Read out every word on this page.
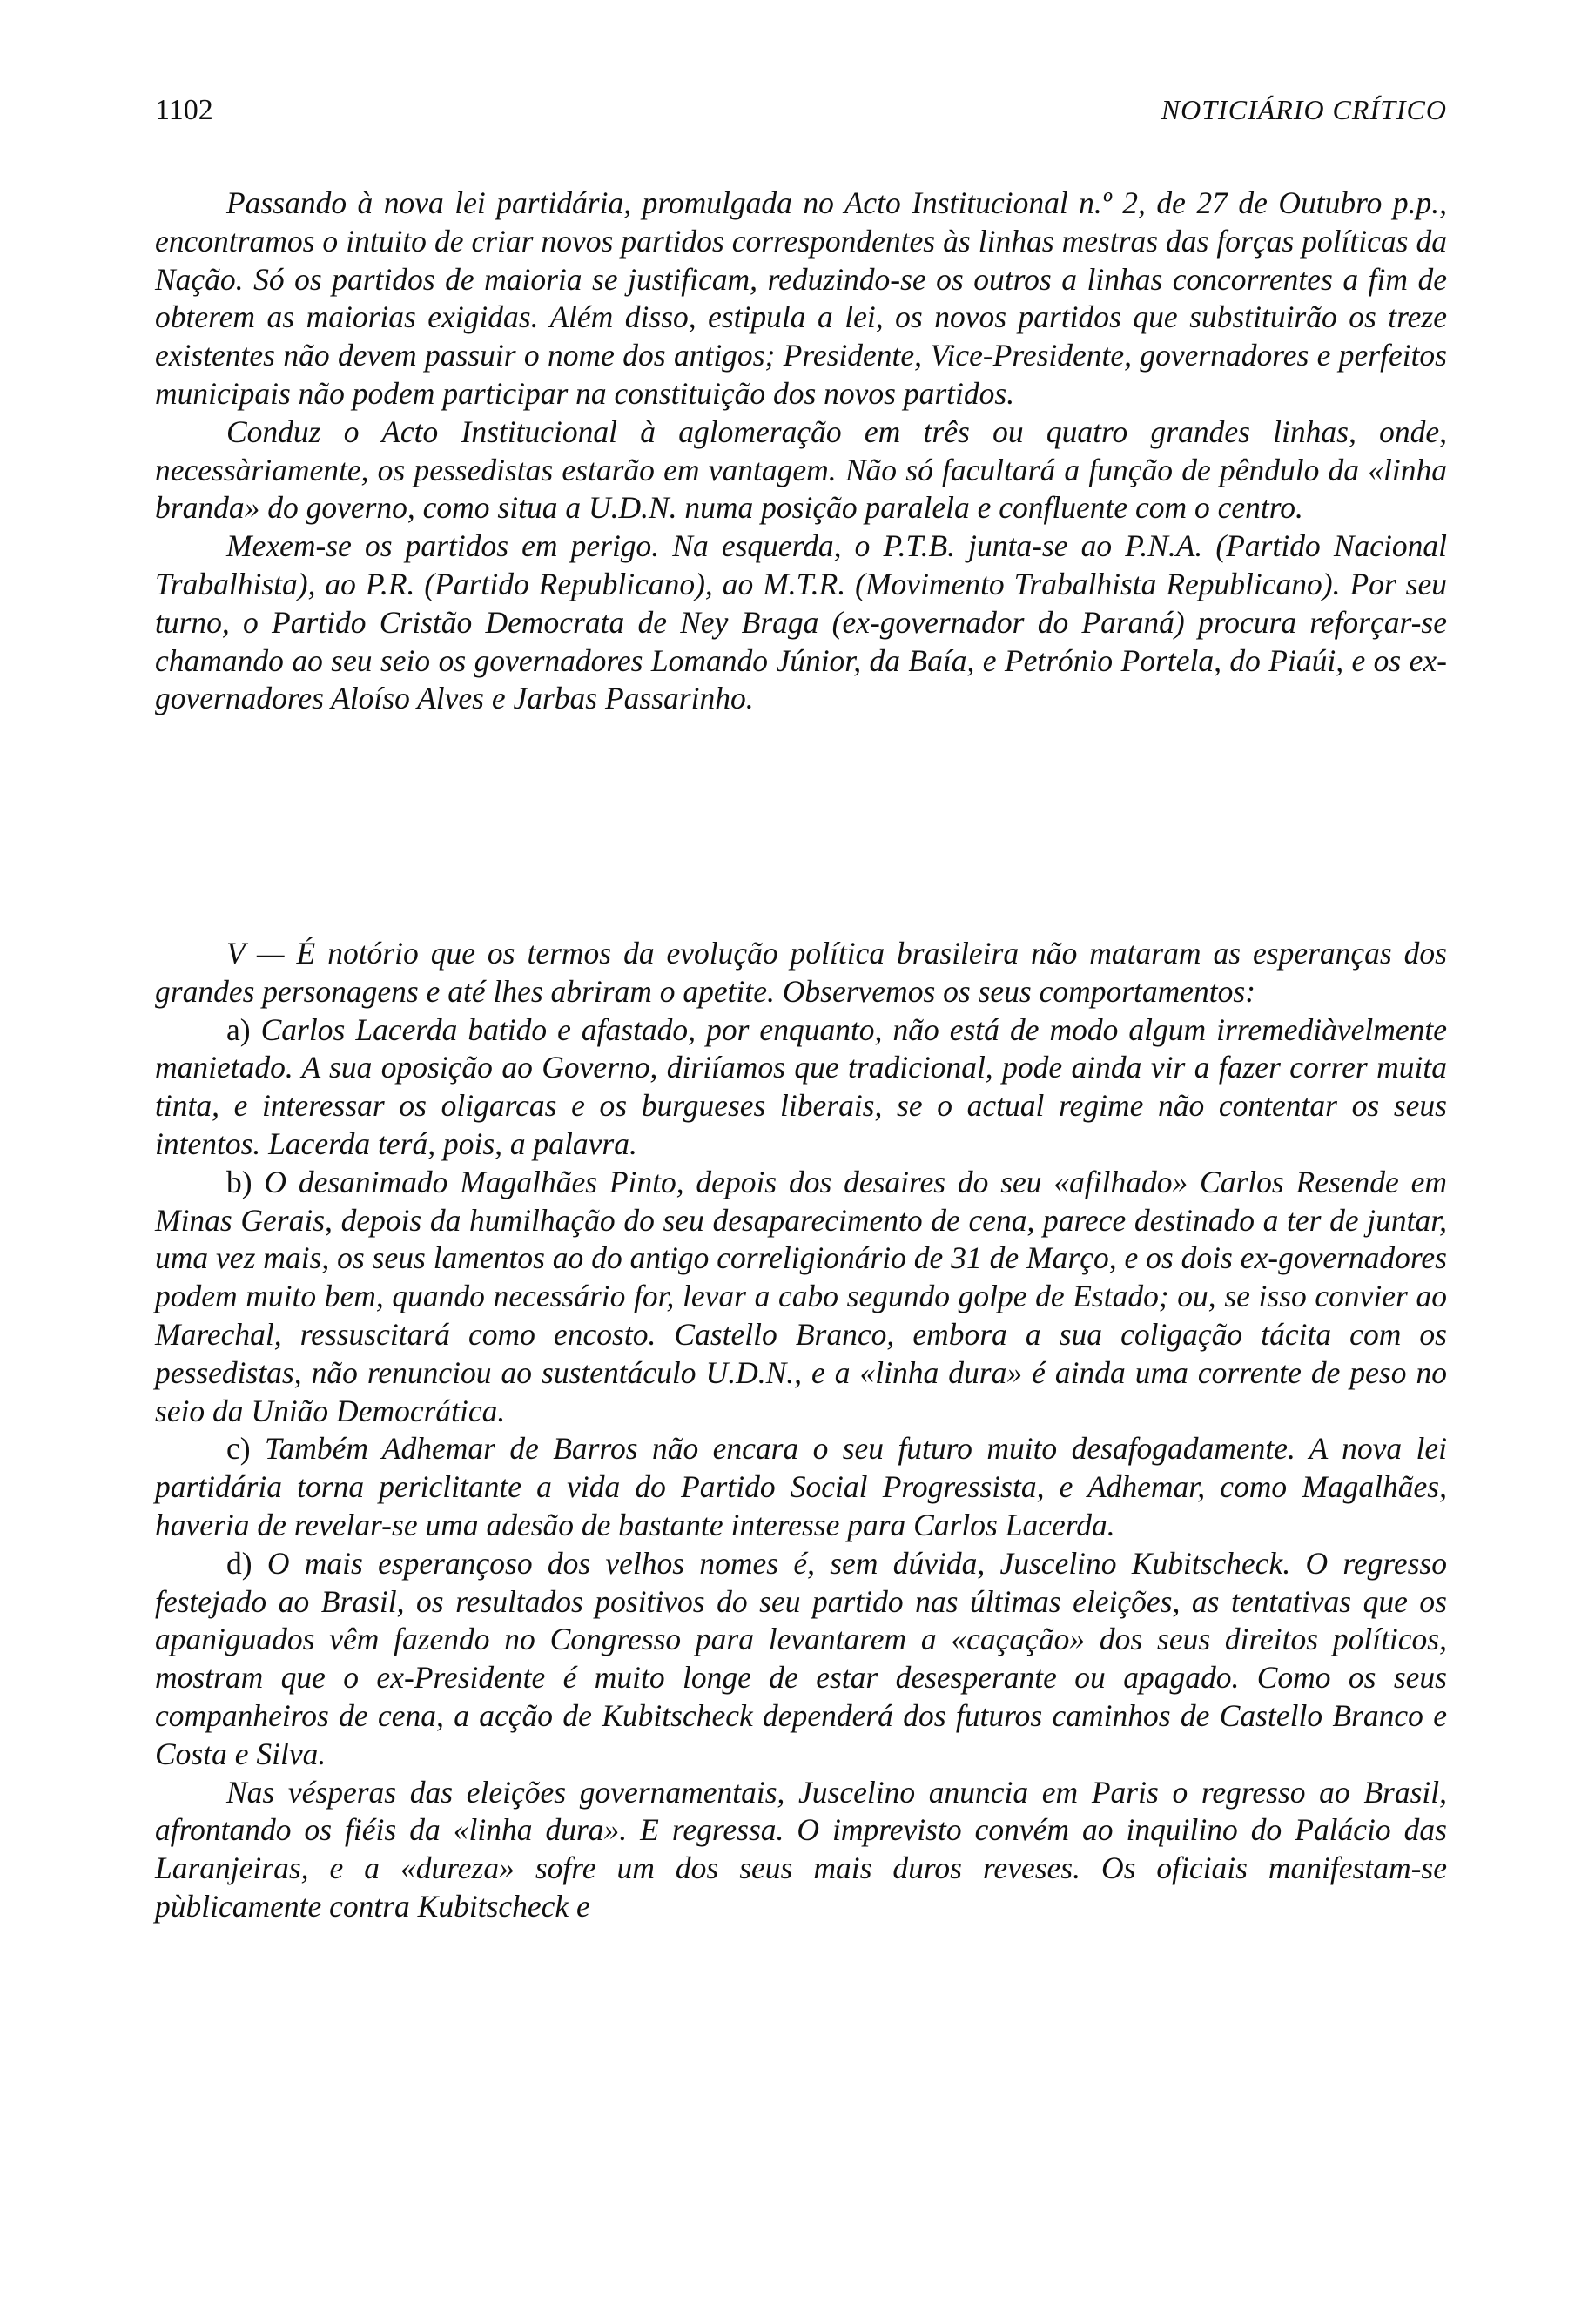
1102	NOTICIÁRIO CRÍTICO

Passando à nova lei partidária, promulgada no Acto Institucional n.º 2, de 27 de Outubro p.p., encontramos o intuito de criar novos partidos correspondentes às linhas mestras das forças políticas da Nação. Só os partidos de maioria se justificam, reduzindo-se os outros a linhas concorrentes a fim de obterem as maiorias exigidas. Além disso, estipula a lei, os novos partidos que substituirão os treze existentes não devem passuir o nome dos antigos; Presidente, Vice-Presidente, governadores e perfeitos municipais não podem participar na constituição dos novos partidos.

Conduz o Acto Institucional à aglomeração em três ou quatro grandes linhas, onde, necessàriamente, os pessedistas estarão em vantagem. Não só facultará a função de pêndulo da «linha branda» do governo, como situa a U.D.N. numa posição paralela e confluente com o centro.

Mexem-se os partidos em perigo. Na esquerda, o P.T.B. junta-se ao P.N.A. (Partido Nacional Trabalhista), ao P.R. (Partido Republicano), ao M.T.R. (Movimento Trabalhista Republicano). Por seu turno, o Partido Cristão Democrata de Ney Braga (ex-governador do Paraná) procura reforçar-se chamando ao seu seio os governadores Lomando Júnior, da Baía, e Petrónio Portela, do Piaúi, e os ex-governadores Aloíso Alves e Jarbas Passarinho.

V — É notório que os termos da evolução política brasileira não mataram as esperanças dos grandes personagens e até lhes abriram o apetite. Observemos os seus comportamentos:

a) Carlos Lacerda batido e afastado, por enquanto, não está de modo algum irremediàvelmente manietado. A sua oposição ao Governo, diriíamos que tradicional, pode ainda vir a fazer correr muita tinta, e interessar os oligarcas e os burgueses liberais, se o actual regime não contentar os seus intentos. Lacerda terá, pois, a palavra.

b) O desanimado Magalhães Pinto, depois dos desaires do seu «afilhado» Carlos Resende em Minas Gerais, depois da humilhação do seu desaparecimento de cena, parece destinado a ter de juntar, uma vez mais, os seus lamentos ao do antigo correligionário de 31 de Março, e os dois ex-governadores podem muito bem, quando necessário for, levar a cabo segundo golpe de Estado; ou, se isso convier ao Marechal, ressuscitará como encosto. Castello Branco, embora a sua coligação tácita com os pessedistas, não renunciou ao sustentáculo U.D.N., e a «linha dura» é ainda uma corrente de peso no seio da União Democrática.

c) Também Adhemar de Barros não encara o seu futuro muito desafogadamente. A nova lei partidária torna periclitante a vida do Partido Social Progressista, e Adhemar, como Magalhães, haveria de revelar-se uma adesão de bastante interesse para Carlos Lacerda.

d) O mais esperançoso dos velhos nomes é, sem dúvida, Juscelino Kubitscheck. O regresso festejado ao Brasil, os resultados positivos do seu partido nas últimas eleições, as tentativas que os apaniguados vêm fazendo no Congresso para levantarem a «caçação» dos seus direitos políticos, mostram que o ex-Presidente é muito longe de estar desesperante ou apagado. Como os seus companheiros de cena, a acção de Kubitscheck dependerá dos futuros caminhos de Castello Branco e Costa e Silva.

Nas vésperas das eleições governamentais, Juscelino anuncia em Paris o regresso ao Brasil, afrontando os fiéis da «linha dura». E regressa. O imprevisto convém ao inquilino do Palácio das Laranjeiras, e a «dureza» sofre um dos seus mais duros reveses. Os oficiais manifestam-se pùblicamente contra Kubitscheck e
